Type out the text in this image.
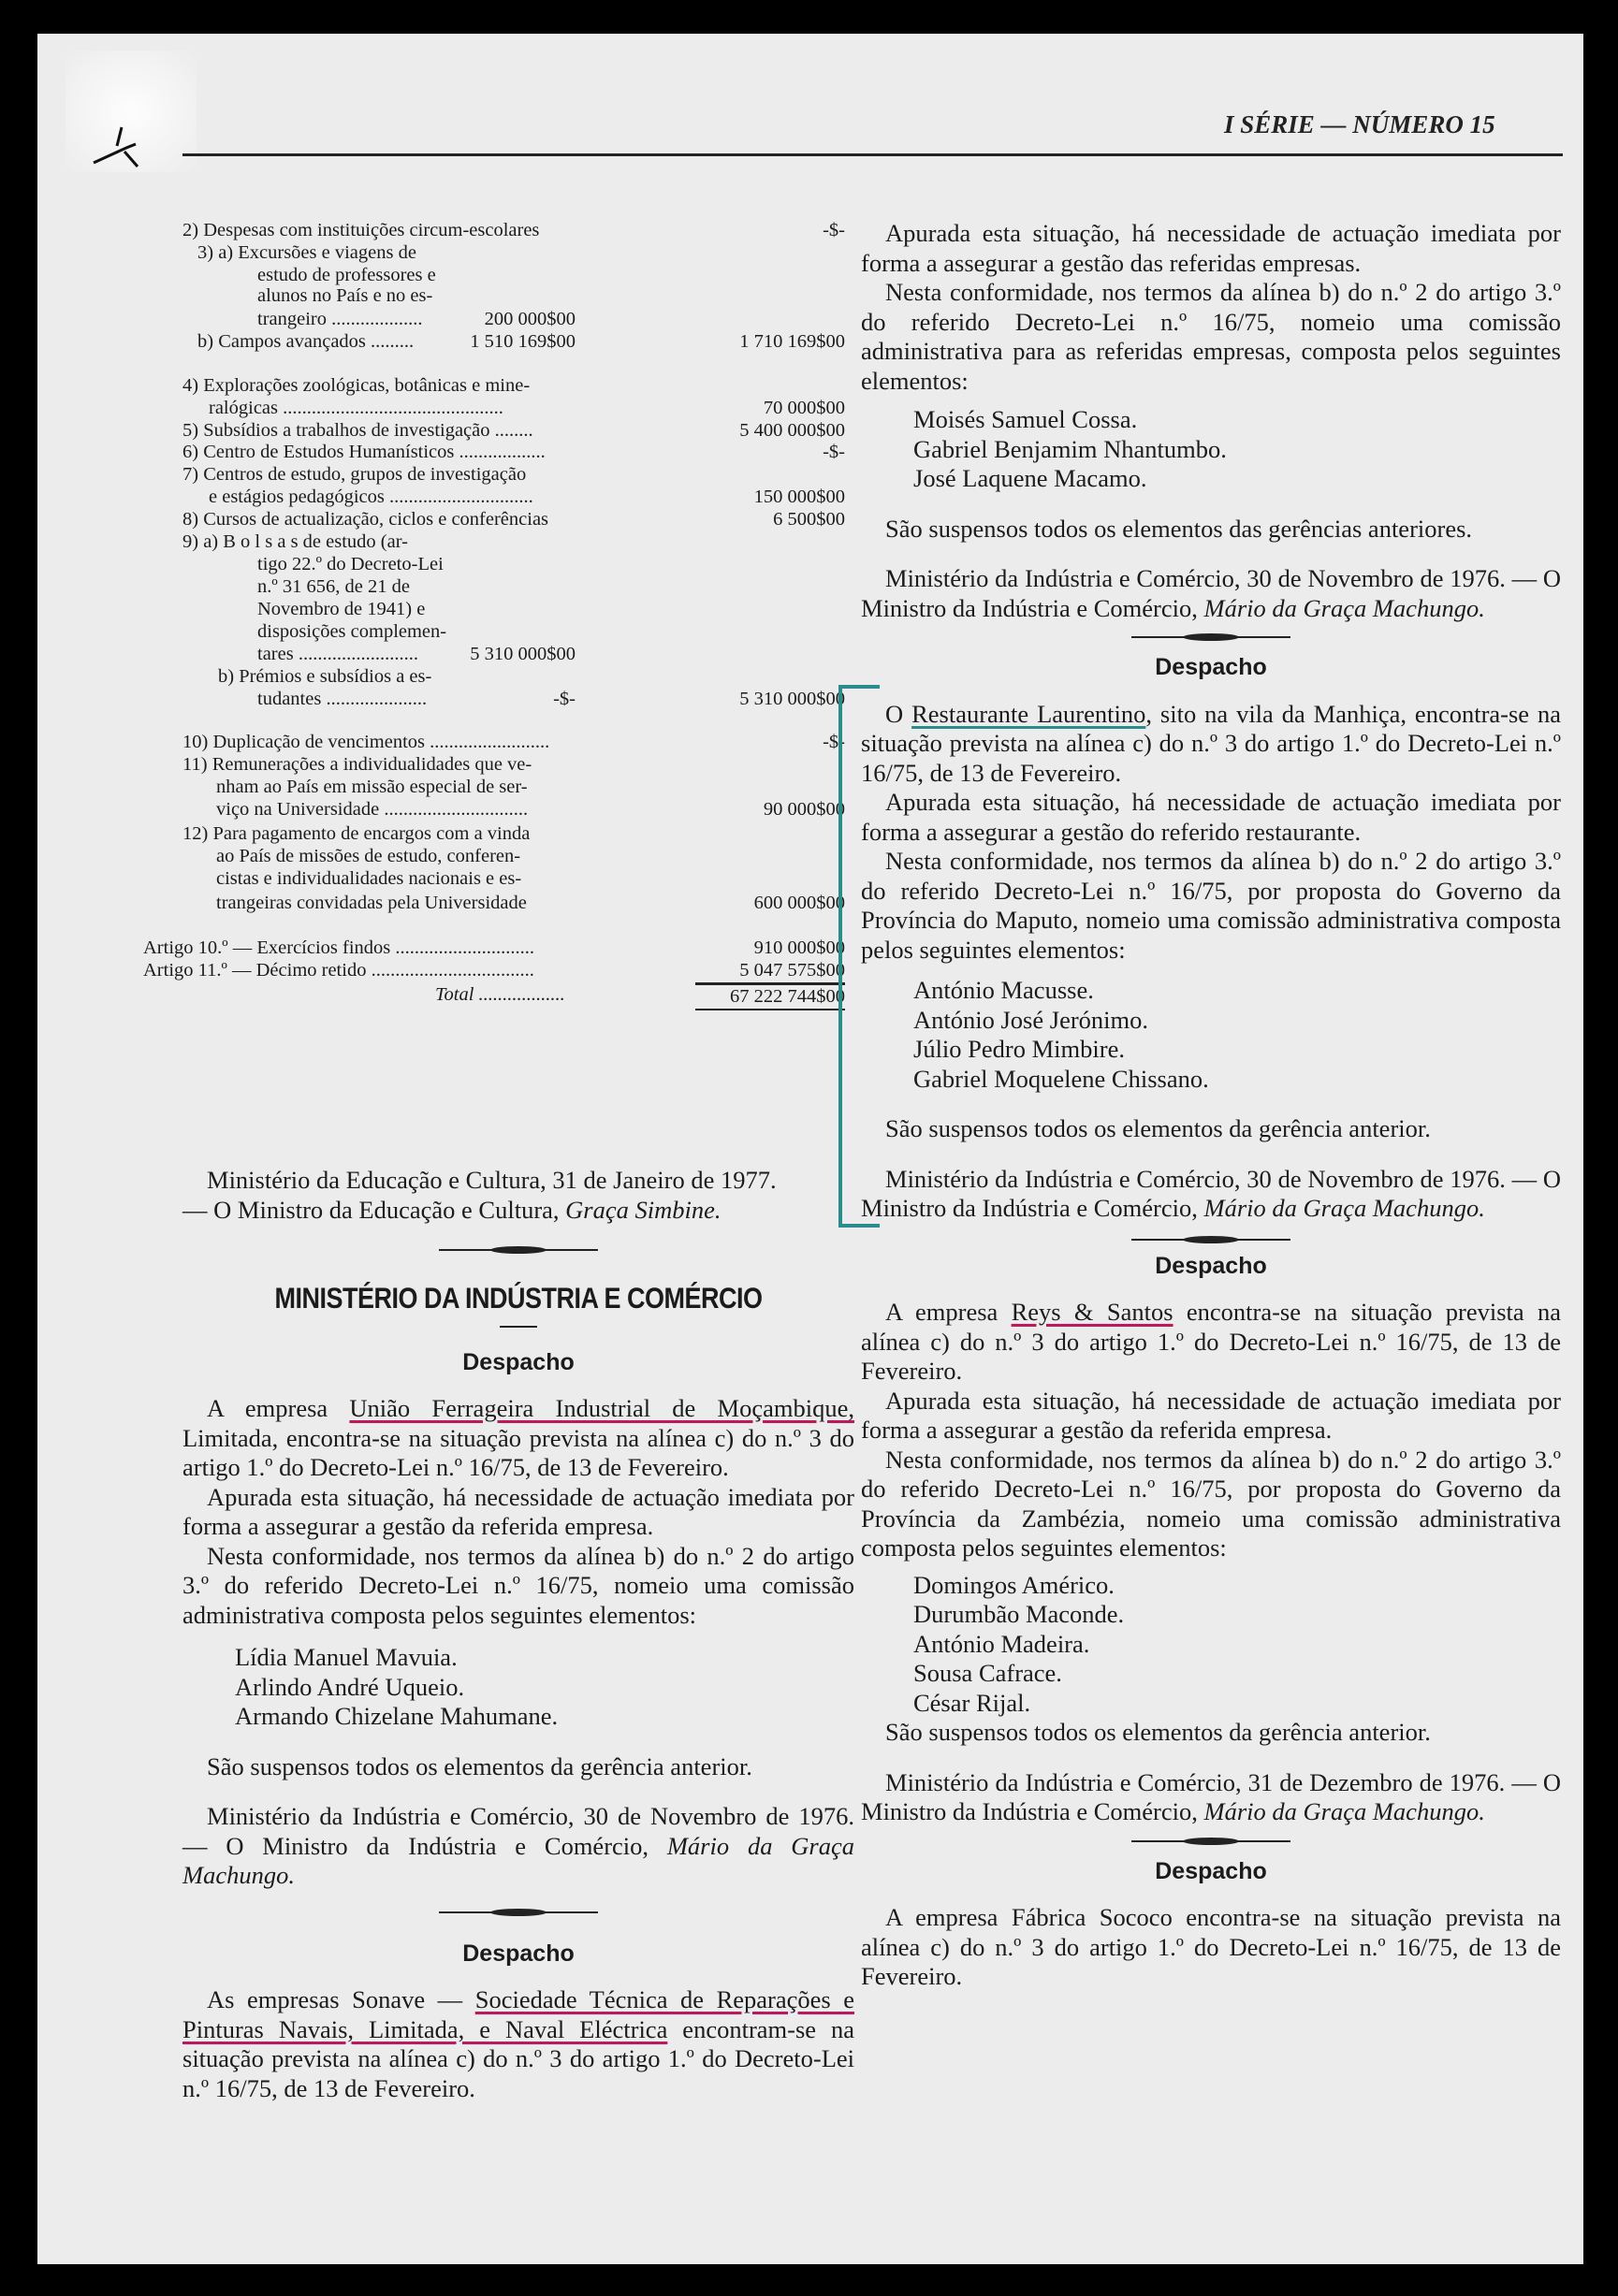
I SÉRIE — NÚMERO 15
2) Despesas com instituições circum-escolares	-$-
3) a) Excursões e viagens de
estudo de professores e
alunos no País e no es-
trangeiro ...................	200 000$00
b) Campos avançados .........	1 510 169$00	1 710 169$00
4) Explorações zoológicas, botânicas e mine-
ralógicas ..............................................	70 000$00
5) Subsídios a trabalhos de investigação ........	5 400 000$00
6) Centro de Estudos Humanísticos ..................	-$-
7) Centros de estudo, grupos de investigação
e estágios pedagógicos ..............................	150 000$00
8) Cursos de actualização, ciclos e conferências	6 500$00
9) a) B o l s a s de estudo (ar-
tigo 22.º do Decreto-Lei
n.º 31 656, de 21 de
Novembro de 1941) e
disposições complemen-
tares .........................	5 310 000$00
b) Prémios e subsídios a es-
tudantes .....................	-$-	5 310 000$00
10) Duplicação de vencimentos .........................	-$-
11) Remunerações a individualidades que ve-
nham ao País em missão especial de ser-
viço na Universidade ..............................	90 000$00
12) Para pagamento de encargos com a vinda
ao País de missões de estudo, conferen-
cistas e individualidades nacionais e es-
trangeiras convidadas pela Universidade	600 000$00
Artigo 10.º — Exercícios findos .............................	910 000$00
Artigo 11.º — Décimo retido ..................................	5 047 575$00
Total ..................	67 222 744$00

Ministério da Educação e Cultura, 31 de Janeiro de 1977.
— O Ministro da Educação e Cultura, Graça Simbine.

MINISTÉRIO DA INDÚSTRIA E COMÉRCIO
Despacho

A empresa União Ferrageira Industrial de Moçambique, Limitada, encontra-se na situação prevista na alínea c) do n.º 3 do artigo 1.º do Decreto-Lei n.º 16/75, de 13 de Fevereiro.

Apurada esta situação, há necessidade de actuação imediata por forma a assegurar a gestão da referida empresa.

Nesta conformidade, nos termos da alínea b) do n.º 2 do artigo 3.º do referido Decreto-Lei n.º 16/75, nomeio uma comissão administrativa composta pelos seguintes elementos:

Lídia Manuel Mavuia.
Arlindo André Uqueio.
Armando Chizelane Mahumane.

São suspensos todos os elementos da gerência anterior.

Ministério da Indústria e Comércio, 30 de Novembro de 1976. — O Ministro da Indústria e Comércio, Mário da Graça Machungo.

Despacho

As empresas Sonave — Sociedade Técnica de Reparações e Pinturas Navais, Limitada, e Naval Eléctrica encontram-se na situação prevista na alínea c) do n.º 3 do artigo 1.º do Decreto-Lei n.º 16/75, de 13 de Fevereiro.

Apurada esta situação, há necessidade de actuação imediata por forma a assegurar a gestão das referidas empresas.

Nesta conformidade, nos termos da alínea b) do n.º 2 do artigo 3.º do referido Decreto-Lei n.º 16/75, nomeio uma comissão administrativa para as referidas empresas, composta pelos seguintes elementos:

Moisés Samuel Cossa.
Gabriel Benjamim Nhantumbo.
José Laquene Macamo.

São suspensos todos os elementos das gerências anteriores.

Ministério da Indústria e Comércio, 30 de Novembro de 1976. — O Ministro da Indústria e Comércio, Mário da Graça Machungo.

Despacho

O Restaurante Laurentino, sito na vila da Manhiça, encontra-se na situação prevista na alínea c) do n.º 3 do artigo 1.º do Decreto-Lei n.º 16/75, de 13 de Fevereiro.

Apurada esta situação, há necessidade de actuação imediata por forma a assegurar a gestão do referido restaurante.

Nesta conformidade, nos termos da alínea b) do n.º 2 do artigo 3.º do referido Decreto-Lei n.º 16/75, por proposta do Governo da Província do Maputo, nomeio uma comissão administrativa composta pelos seguintes elementos:

António Macusse.
António José Jerónimo.
Júlio Pedro Mimbire.
Gabriel Moquelene Chissano.

São suspensos todos os elementos da gerência anterior.

Ministério da Indústria e Comércio, 30 de Novembro de 1976. — O Ministro da Indústria e Comércio, Mário da Graça Machungo.

Despacho

A empresa Reys & Santos encontra-se na situação prevista na alínea c) do n.º 3 do artigo 1.º do Decreto-Lei n.º 16/75, de 13 de Fevereiro.

Apurada esta situação, há necessidade de actuação imediata por forma a assegurar a gestão da referida empresa.

Nesta conformidade, nos termos da alínea b) do n.º 2 do artigo 3.º do referido Decreto-Lei n.º 16/75, por proposta do Governo da Província da Zambézia, nomeio uma comissão administrativa composta pelos seguintes elementos:

Domingos Américo.
Durumbão Maconde.
António Madeira.
Sousa Cafrace.
César Rijal.

São suspensos todos os elementos da gerência anterior.

Ministério da Indústria e Comércio, 31 de Dezembro de 1976. — O Ministro da Indústria e Comércio, Mário da Graça Machungo.

Despacho

A empresa Fábrica Sococo encontra-se na situação prevista na alínea c) do n.º 3 do artigo 1.º do Decreto-Lei n.º 16/75, de 13 de Fevereiro.
